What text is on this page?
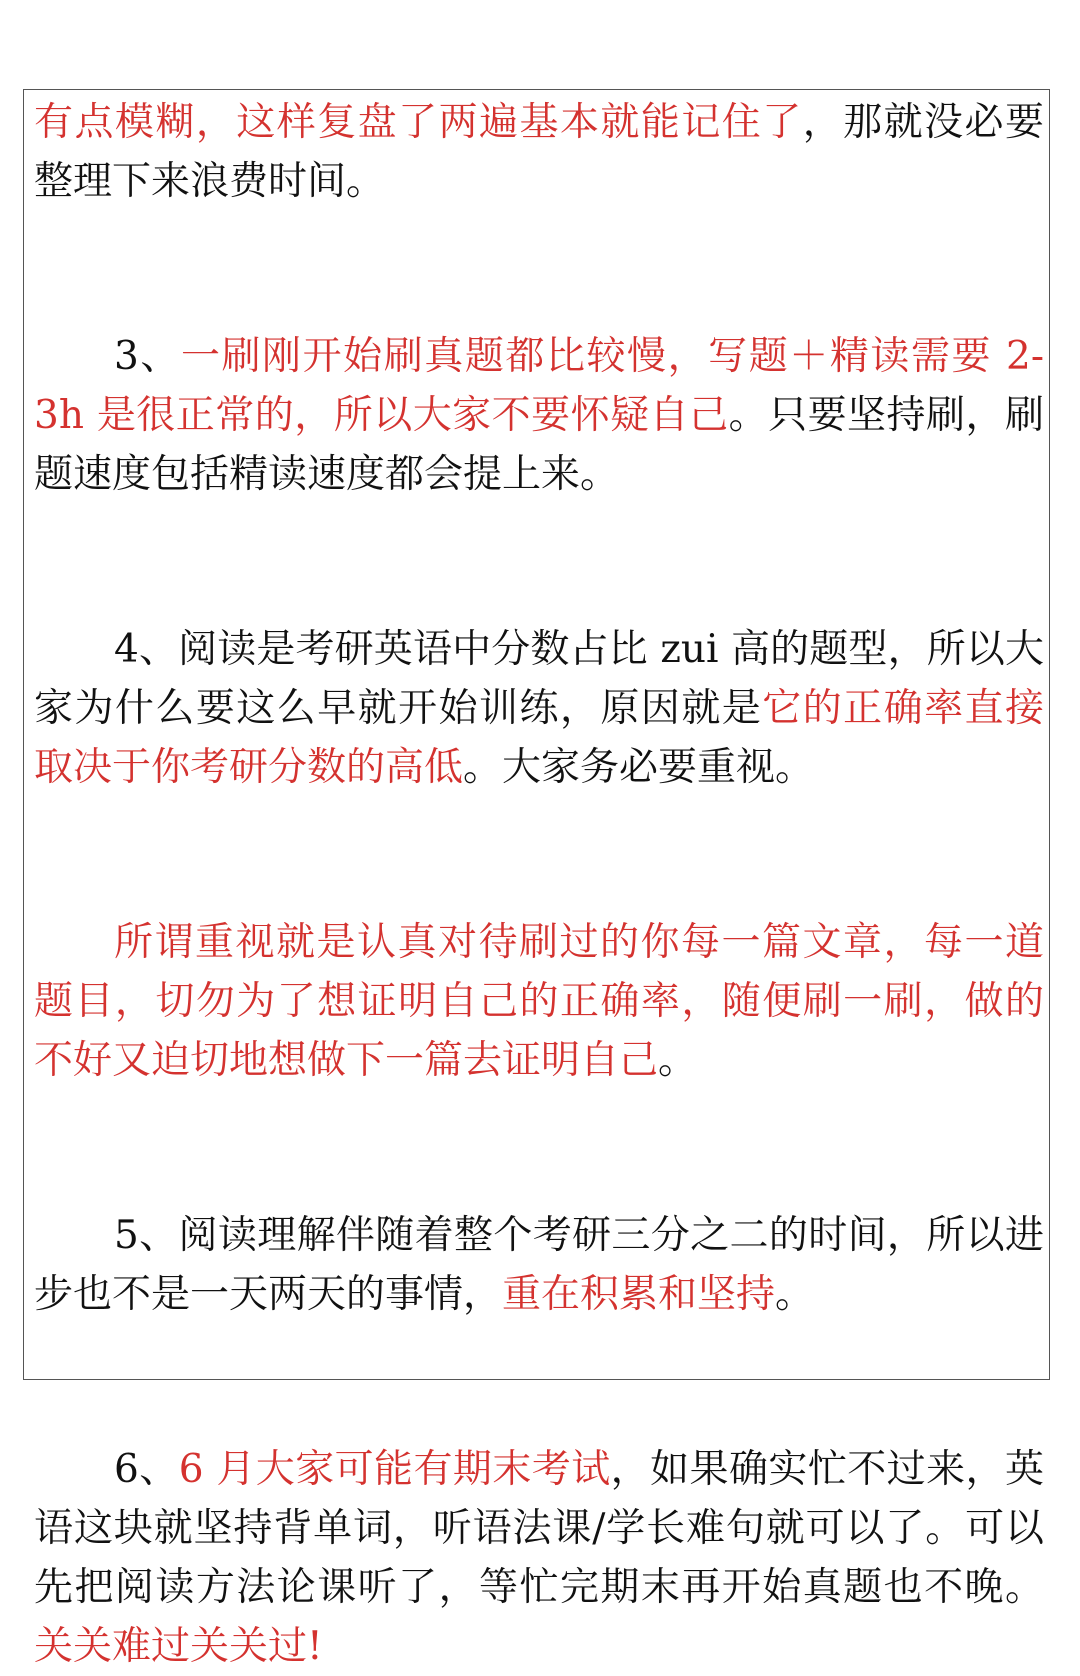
有点模糊，这样复盘了两遍基本就能记住了，那就没必要整理下来浪费时间。

3、一刷刚开始刷真题都比较慢，写题＋精读需要 2-3h 是很正常的，所以大家不要怀疑自己。只要坚持刷，刷题速度包括精读速度都会提上来。

4、阅读是考研英语中分数占比 zui 高的题型，所以大家为什么要这么早就开始训练，原因就是它的正确率直接取决于你考研分数的高低。大家务必要重视。

所谓重视就是认真对待刷过的你每一篇文章，每一道题目，切勿为了想证明自己的正确率，随便刷一刷，做的不好又迫切地想做下一篇去证明自己。

5、阅读理解伴随着整个考研三分之二的时间，所以进步也不是一天两天的事情，重在积累和坚持。

6、6 月大家可能有期末考试，如果确实忙不过来，英语这块就坚持背单词，听语法课/学长难句就可以了。可以先把阅读方法论课听了，等忙完期末再开始真题也不晚。关关难过关关过!
